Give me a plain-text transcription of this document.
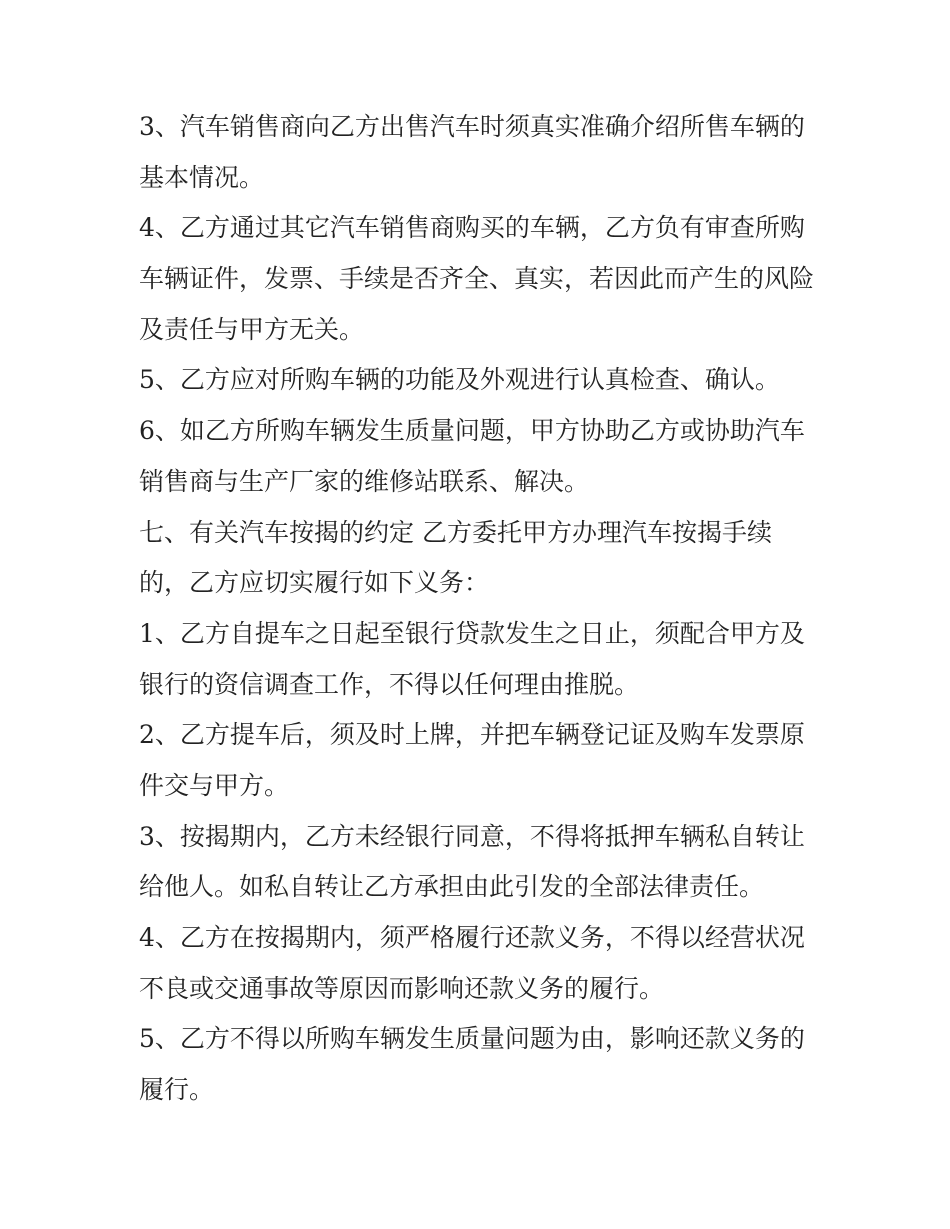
3、汽车销售商向乙方出售汽车时须真实准确介绍所售车辆的
基本情况。
4、乙方通过其它汽车销售商购买的车辆，乙方负有审查所购
车辆证件，发票、手续是否齐全、真实，若因此而产生的风险
及责任与甲方无关。
5、乙方应对所购车辆的功能及外观进行认真检查、确认。
6、如乙方所购车辆发生质量问题，甲方协助乙方或协助汽车
销售商与生产厂家的维修站联系、解决。
七、有关汽车按揭的约定 乙方委托甲方办理汽车按揭手续
的，乙方应切实履行如下义务：
1、乙方自提车之日起至银行贷款发生之日止，须配合甲方及
银行的资信调查工作，不得以任何理由推脱。
2、乙方提车后，须及时上牌，并把车辆登记证及购车发票原
件交与甲方。
3、按揭期内，乙方未经银行同意，不得将抵押车辆私自转让
给他人。如私自转让乙方承担由此引发的全部法律责任。
4、乙方在按揭期内，须严格履行还款义务，不得以经营状况
不良或交通事故等原因而影响还款义务的履行。
5、乙方不得以所购车辆发生质量问题为由，影响还款义务的
履行。
